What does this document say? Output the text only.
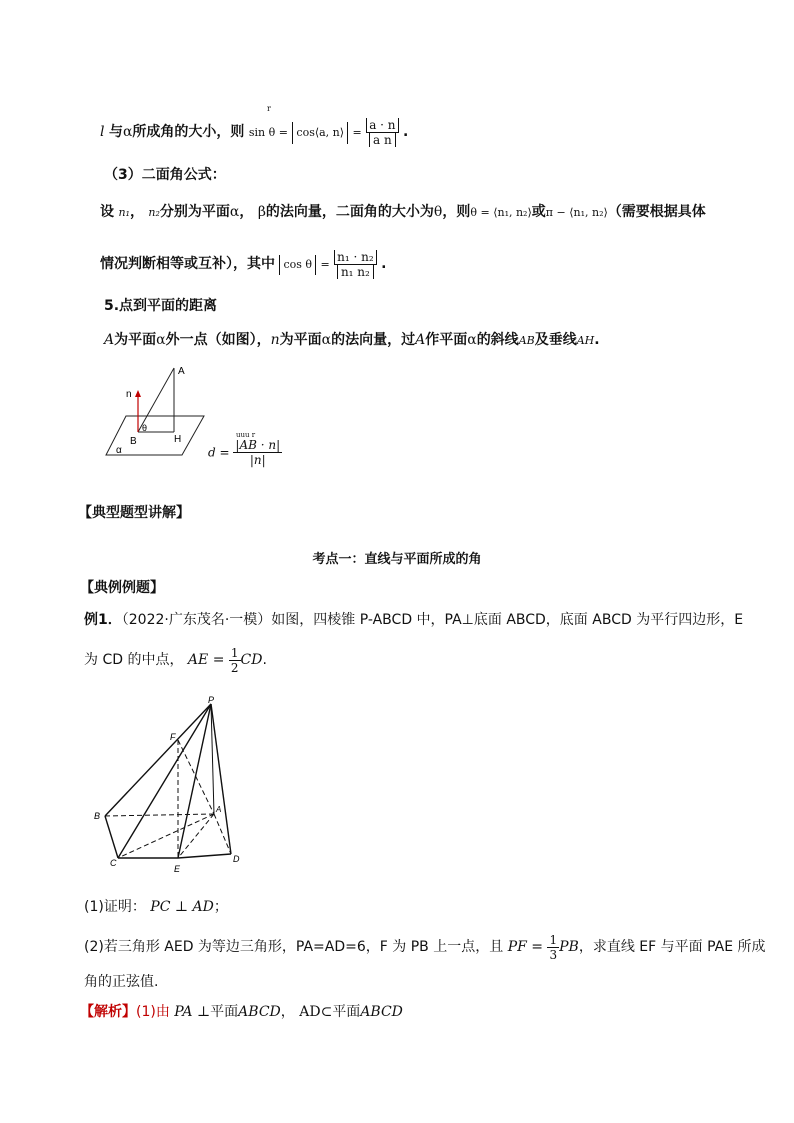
l 与α所成角的大小，则 sin θ = cos⟨a, n⟩ = $\frac{a \cdot n}{\text{a n}}$ .
r
（3）二面角公式：
设 n₁， n₂分别为平面α， β的法向量，二面角的大小为θ，则θ = ⟨n₁, n₂⟩或π − ⟨n₁, n₂⟩（需要根据具体
情况判断相等或互补），其中 $\cos \theta = \frac{\text{n₁ · n₂}}{\text{n₁ n₂}}$ .
5.点到平面的距离
A为平面α外一点（如图），n为平面α的法向量，过A作平面α的斜线AB及垂线AH.
n
A
B	H
θ
α	$d = \frac{|AB \cdot n|}{|n|}$
uuu r
【典型题型讲解】
考点一：直线与平面所成的角
【典例例题】
例1．（2022·广东茂名·一模）如图，四棱锥 P-ABCD 中，PA⊥底面 ABCD，底面 ABCD 为平行四边形，E
为 CD 的中点， AE = $\frac{1}{2}$ CD.
P
F
B
A
C
E
D
(1)证明： PC ⊥ AD；
(2)若三角形 AED 为等边三角形，PA=AD=6，F 为 PB 上一点，且 PF = $\frac{1}{3}$ PB，求直线 EF 与平面 PAE 所成
角的正弦值.
【解析】(1)由 PA ⊥平面ABCD， AD⊂平面ABCD
